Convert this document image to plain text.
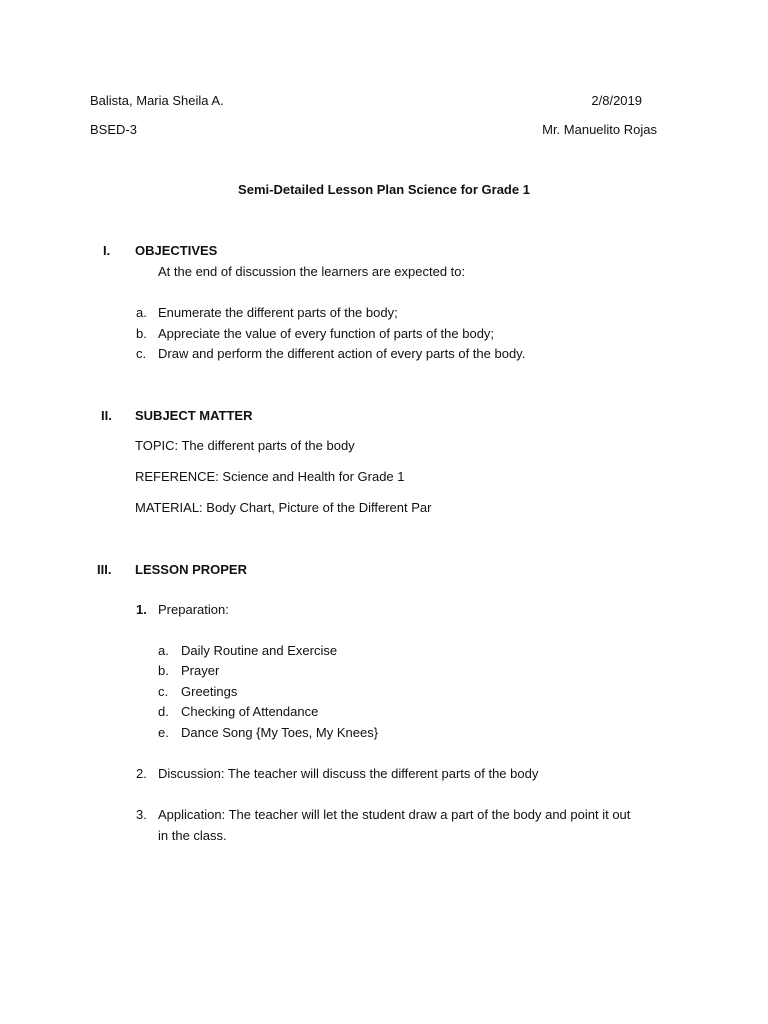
Balista, Maria Sheila A.	2/8/2019
BSED-3	Mr. Manuelito Rojas
Semi-Detailed Lesson Plan Science for Grade 1
I. OBJECTIVES
At the end of discussion the learners are expected to:
a. Enumerate the different parts of the body;
b. Appreciate the value of every function of parts of the body;
c. Draw and perform the different action of every parts of the body.
II. SUBJECT MATTER
TOPIC: The different parts of the body
REFERENCE: Science and Health for Grade 1
MATERIAL: Body Chart, Picture of the Different Par
III. LESSON PROPER
1. Preparation:
a. Daily Routine and Exercise
b. Prayer
c. Greetings
d. Checking of Attendance
e. Dance Song {My Toes, My Knees}
2. Discussion: The teacher will discuss the different parts of the body
3. Application: The teacher will let the student draw a part of the body and point it out
in the class.
